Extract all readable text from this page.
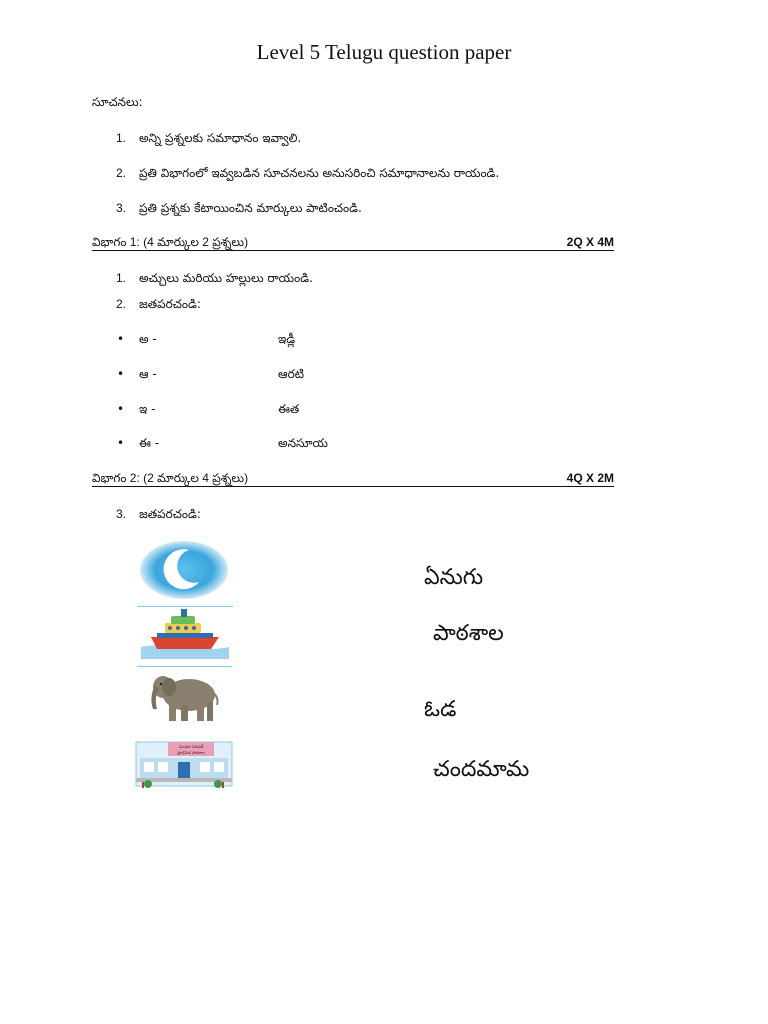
Level 5 Telugu question paper
సూచనలు:
1. అన్ని ప్రశ్నలకు సమాధానం ఇవ్వాలి.
2. ప్రతి విభాగంలో ఇవ్వబడిన సూచనలను అనుసరించి సమాధానాలను రాయండి.
3. ప్రతి ప్రశ్నకు కేటాయించిన మార్కులు పాటించండి.
విభాగం 1: (4 మార్కుల 2 ప్రశ్నలు)	2Q X 4M
1. అచ్చులు మరియు హల్లులు రాయండి.
2. జతపరచండి:
• అ -	ఇడ్లీ
• ఆ -	ఆరటి
• ఇ -	ఈత
• ఈ -	అనసూయ
విభాగం 2: (2 మార్కుల 4 ప్రశ్నలు)	4Q X 2M
3. జతపరచండి:
మండల పరిషత్
ప్రాథమిక పాఠశాల
ఏనుగు
పాఠశాల
ఓడ
చందమామ
